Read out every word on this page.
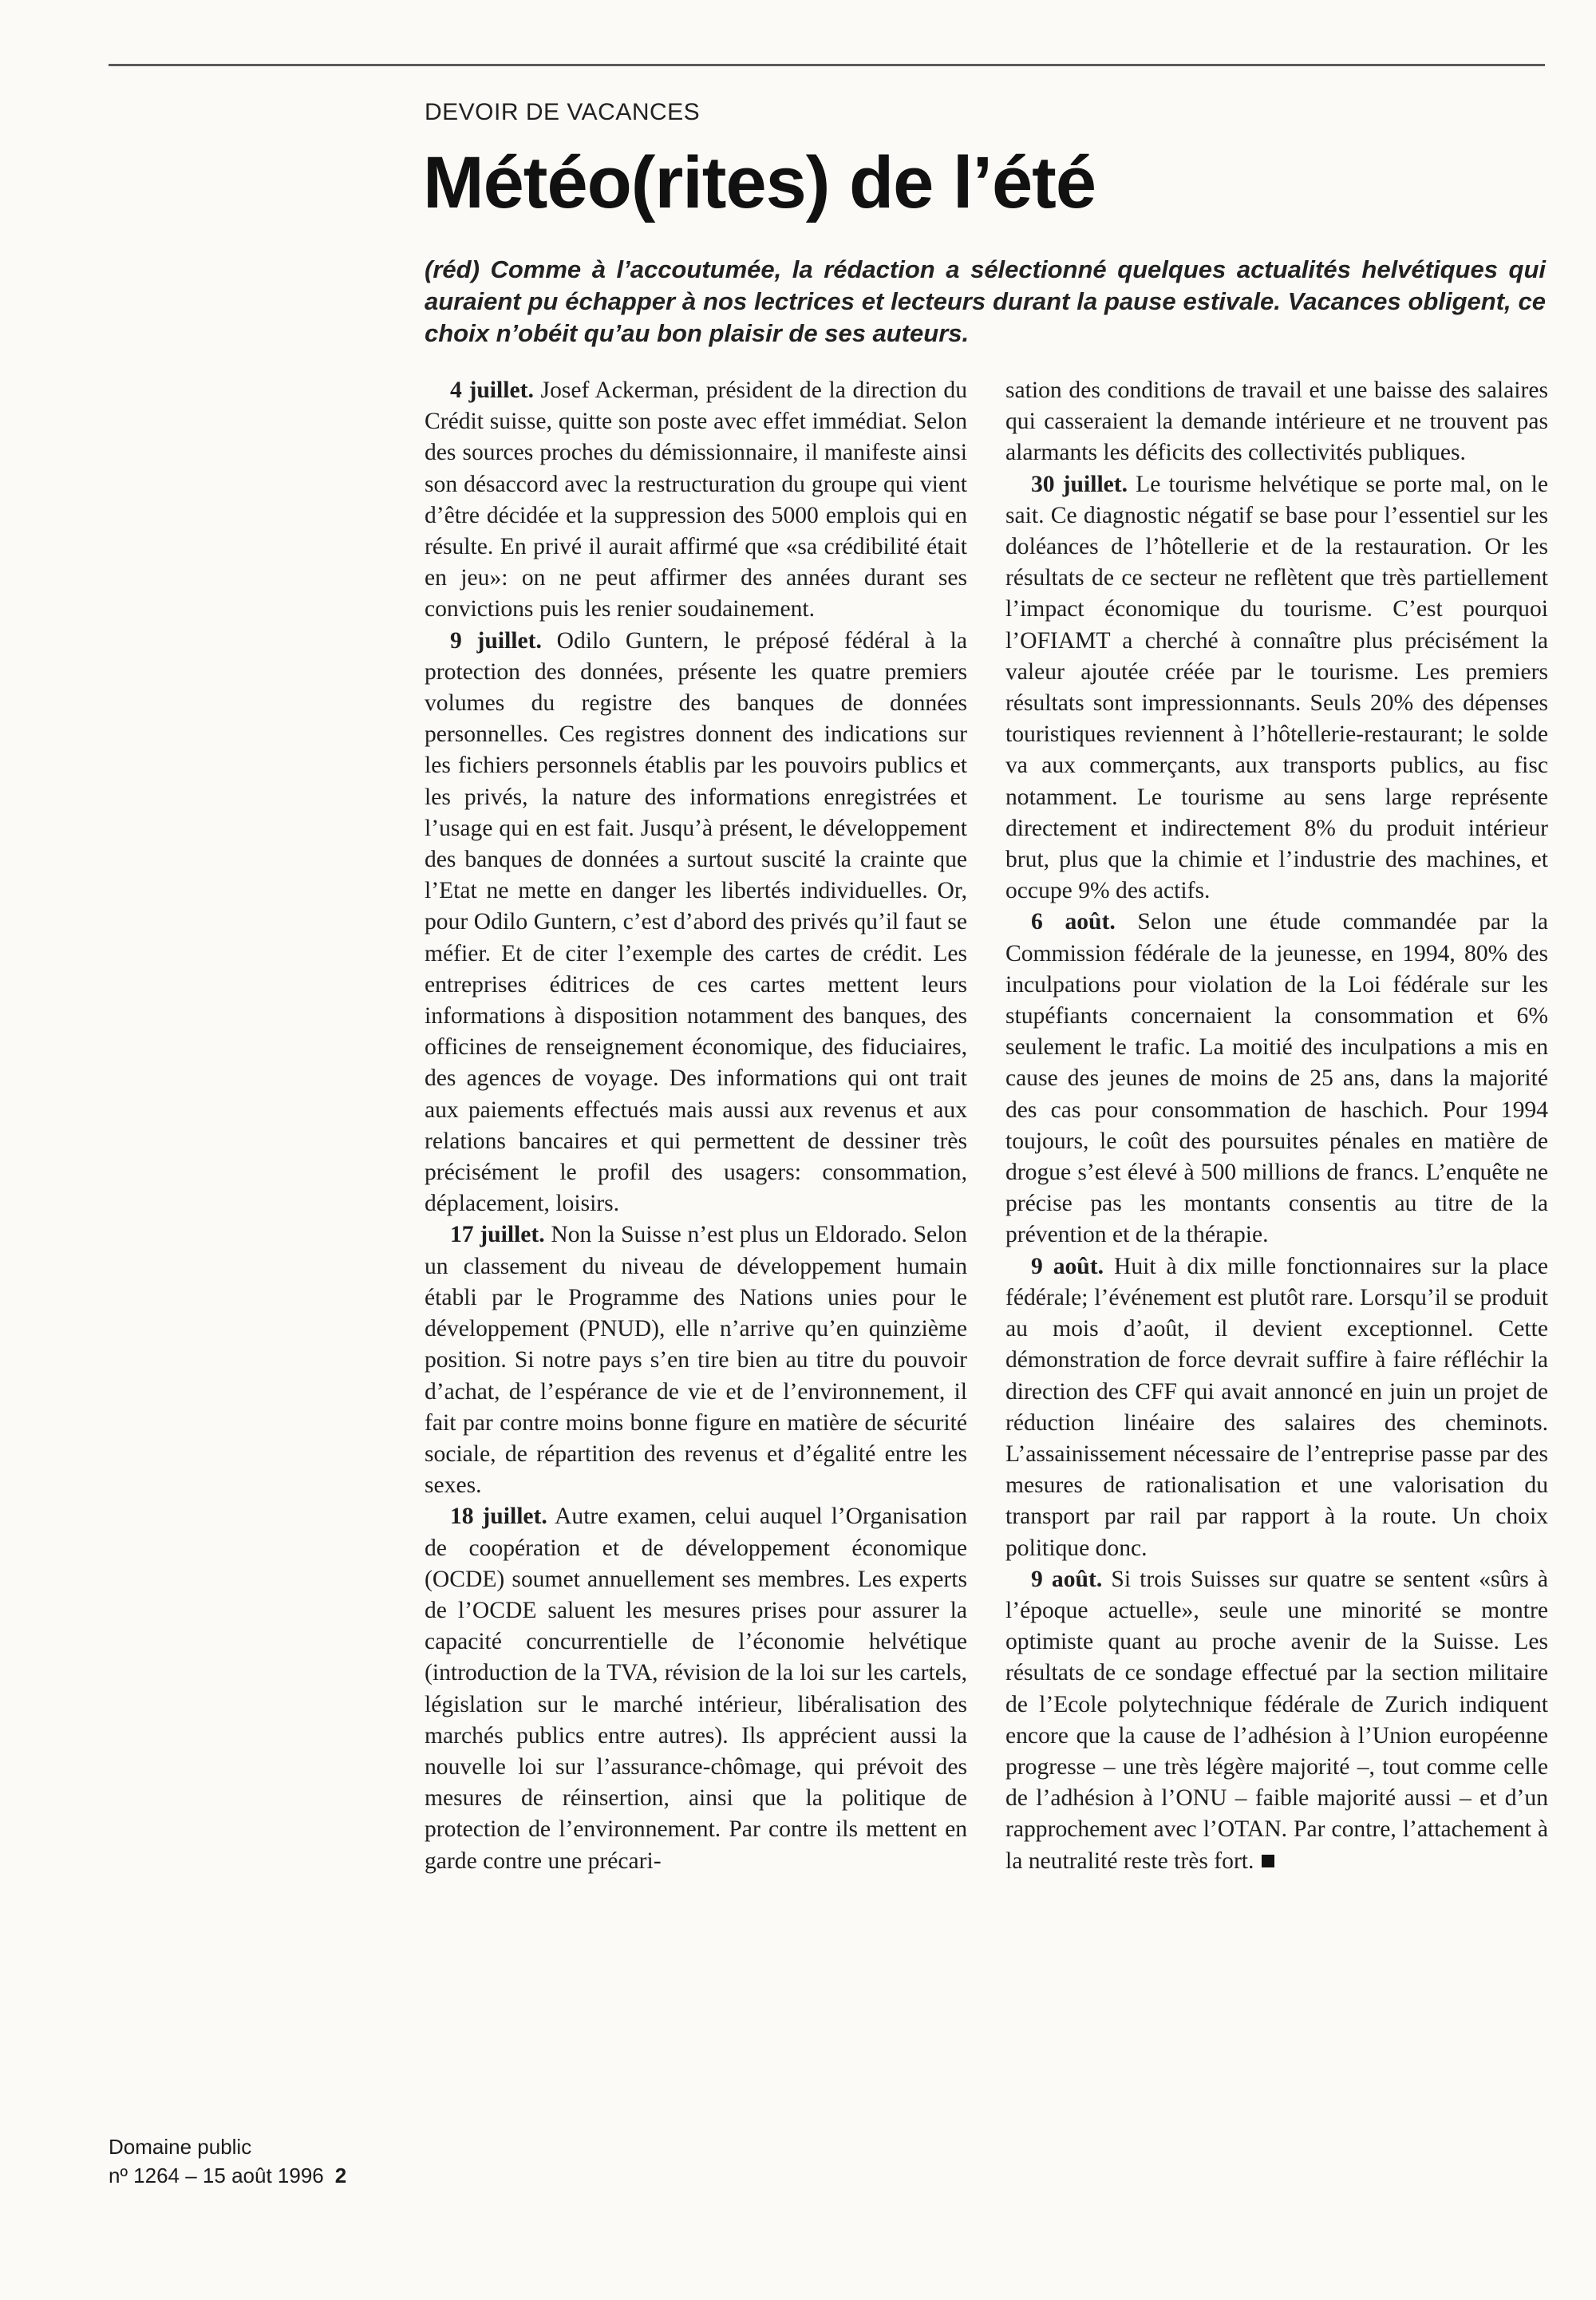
DEVOIR DE VACANCES
Météo(rites) de l’été
(réd) Comme à l’accoutumée, la rédaction a sélectionné quelques actualités helvétiques qui auraient pu échapper à nos lectrices et lecteurs durant la pause estivale. Vacances obligent, ce choix n’obéit qu’au bon plaisir de ses auteurs.

4 juillet. Josef Ackerman, président de la direction du Crédit suisse, quitte son poste avec effet immédiat. Selon des sources proches du démissionnaire, il manifeste ainsi son désaccord avec la restructuration du groupe qui vient d’être décidée et la suppression des 5000 emplois qui en résulte. En privé il aurait affirmé que «sa crédibilité était en jeu»: on ne peut affirmer des années durant ses convictions puis les renier soudainement.

9 juillet. Odilo Guntern, le préposé fédéral à la protection des données, présente les quatre premiers volumes du registre des banques de données personnelles. Ces registres donnent des indications sur les fichiers personnels établis par les pouvoirs publics et les privés, la nature des informations enregistrées et l’usage qui en est fait. Jusqu’à présent, le développement des banques de données a surtout suscité la crainte que l’Etat ne mette en danger les libertés individuelles. Or, pour Odilo Guntern, c’est d’abord des privés qu’il faut se méfier. Et de citer l’exemple des cartes de crédit. Les entreprises éditrices de ces cartes mettent leurs informations à disposition notamment des banques, des officines de renseignement économique, des fiduciaires, des agences de voyage. Des informations qui ont trait aux paiements effectués mais aussi aux revenus et aux relations bancaires et qui permettent de dessiner très précisément le profil des usagers: consommation, déplacement, loisirs.

17 juillet. Non la Suisse n’est plus un Eldorado. Selon un classement du niveau de développement humain établi par le Programme des Nations unies pour le développement (PNUD), elle n’arrive qu’en quinzième position. Si notre pays s’en tire bien au titre du pouvoir d’achat, de l’espérance de vie et de l’environnement, il fait par contre moins bonne figure en matière de sécurité sociale, de répartition des revenus et d’égalité entre les sexes.

18 juillet. Autre examen, celui auquel l’Organisation de coopération et de développement économique (OCDE) soumet annuellement ses membres. Les experts de l’OCDE saluent les mesures prises pour assurer la capacité concurrentielle de l’économie helvétique (introduction de la TVA, révision de la loi sur les cartels, législation sur le marché intérieur, libéralisation des marchés publics entre autres). Ils apprécient aussi la nouvelle loi sur l’assurance-chômage, qui prévoit des mesures de réinsertion, ainsi que la politique de protection de l’environnement. Par contre ils mettent en garde contre une précari-

sation des conditions de travail et une baisse des salaires qui casseraient la demande intérieure et ne trouvent pas alarmants les déficits des collectivités publiques.

30 juillet. Le tourisme helvétique se porte mal, on le sait. Ce diagnostic négatif se base pour l’essentiel sur les doléances de l’hôtellerie et de la restauration. Or les résultats de ce secteur ne reflètent que très partiellement l’impact économique du tourisme. C’est pourquoi l’OFIAMT a cherché à connaître plus précisément la valeur ajoutée créée par le tourisme. Les premiers résultats sont impressionnants. Seuls 20% des dépenses touristiques reviennent à l’hôtellerie-restaurant; le solde va aux commerçants, aux transports publics, au fisc notamment. Le tourisme au sens large représente directement et indirectement 8% du produit intérieur brut, plus que la chimie et l’industrie des machines, et occupe 9% des actifs.

6 août. Selon une étude commandée par la Commission fédérale de la jeunesse, en 1994, 80% des inculpations pour violation de la Loi fédérale sur les stupéfiants concernaient la consommation et 6% seulement le trafic. La moitié des inculpations a mis en cause des jeunes de moins de 25 ans, dans la majorité des cas pour consommation de haschich. Pour 1994 toujours, le coût des poursuites pénales en matière de drogue s’est élevé à 500 millions de francs. L’enquête ne précise pas les montants consentis au titre de la prévention et de la thérapie.

9 août. Huit à dix mille fonctionnaires sur la place fédérale; l’événement est plutôt rare. Lorsqu’il se produit au mois d’août, il devient exceptionnel. Cette démonstration de force devrait suffire à faire réfléchir la direction des CFF qui avait annoncé en juin un projet de réduction linéaire des salaires des cheminots. L’assainissement nécessaire de l’entreprise passe par des mesures de rationalisation et une valorisation du transport par rail par rapport à la route. Un choix politique donc.

9 août. Si trois Suisses sur quatre se sentent «sûrs à l’époque actuelle», seule une minorité se montre optimiste quant au proche avenir de la Suisse. Les résultats de ce sondage effectué par la section militaire de l’Ecole polytechnique fédérale de Zurich indiquent encore que la cause de l’adhésion à l’Union européenne progresse – une très légère majorité –, tout comme celle de l’adhésion à l’ONU – faible majorité aussi – et d’un rapprochement avec l’OTAN. Par contre, l’attachement à la neutralité reste très fort.

Domaine public
nº 1264 – 15 août 1996 2
